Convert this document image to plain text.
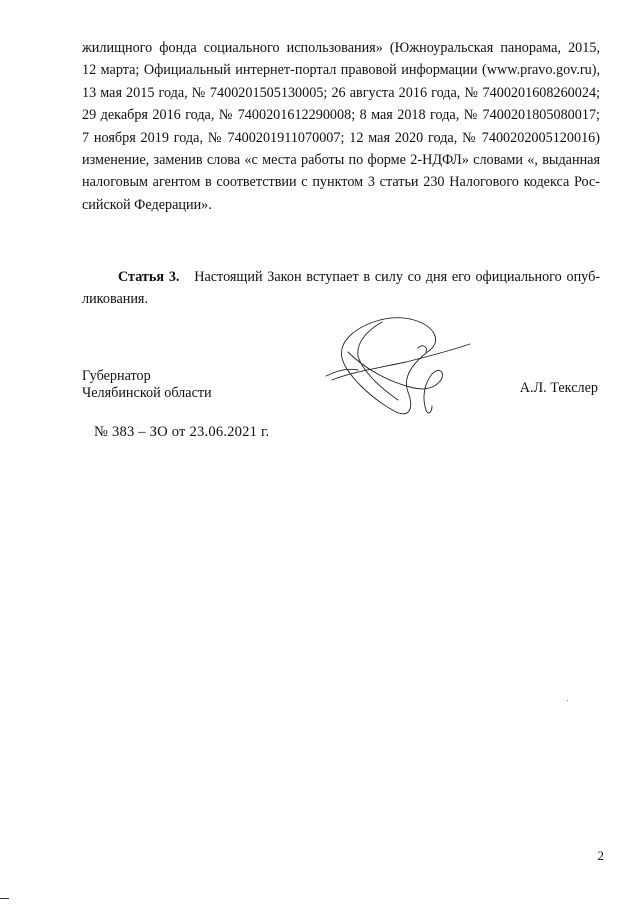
жилищного фонда социального использования» (Южноуральская панорама, 2015,
12 марта; Официальный интернет-портал правовой информации (www.pravo.gov.ru),
13 мая 2015 года, № 7400201505130005; 26 августа 2016 года, № 7400201608260024;
29 декабря 2016 года, № 7400201612290008; 8 мая 2018 года, № 7400201805080017;
7 ноября 2019 года, № 7400201911070007; 12 мая 2020 года, № 7400202005120016)
изменение, заменив слова «с места работы по форме 2-НДФЛ» словами «, выданная
налоговым агентом в соответствии с пунктом 3 статьи 230 Налогового кодекса Рос-
сийской Федерации».
Статья 3. Настоящий Закон вступает в силу со дня его официального опуб-
ликования.
Губернатор
Челябинской области	А.Л. Текслер
№ 383 – ЗО от 23.06.2021 г.
2
